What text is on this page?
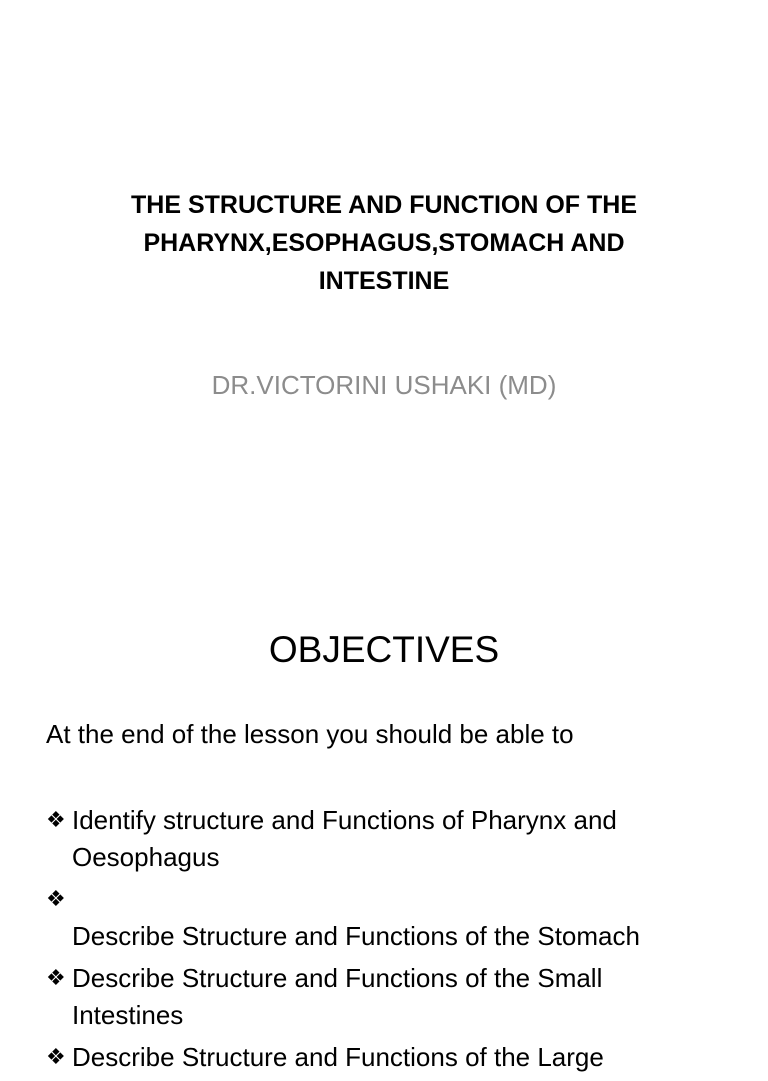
THE STRUCTURE AND FUNCTION OF THE
PHARYNX,ESOPHAGUS,STOMACH AND
INTESTINE
DR.VICTORINI USHAKI (MD)
OBJECTIVES
At the end of the lesson you should be able to
❖ Identify structure and Functions of Pharynx and
Oesophagus
❖
Describe Structure and Functions of the Stomach
❖ Describe Structure and Functions of the Small
Intestines
❖ Describe Structure and Functions of the Large
